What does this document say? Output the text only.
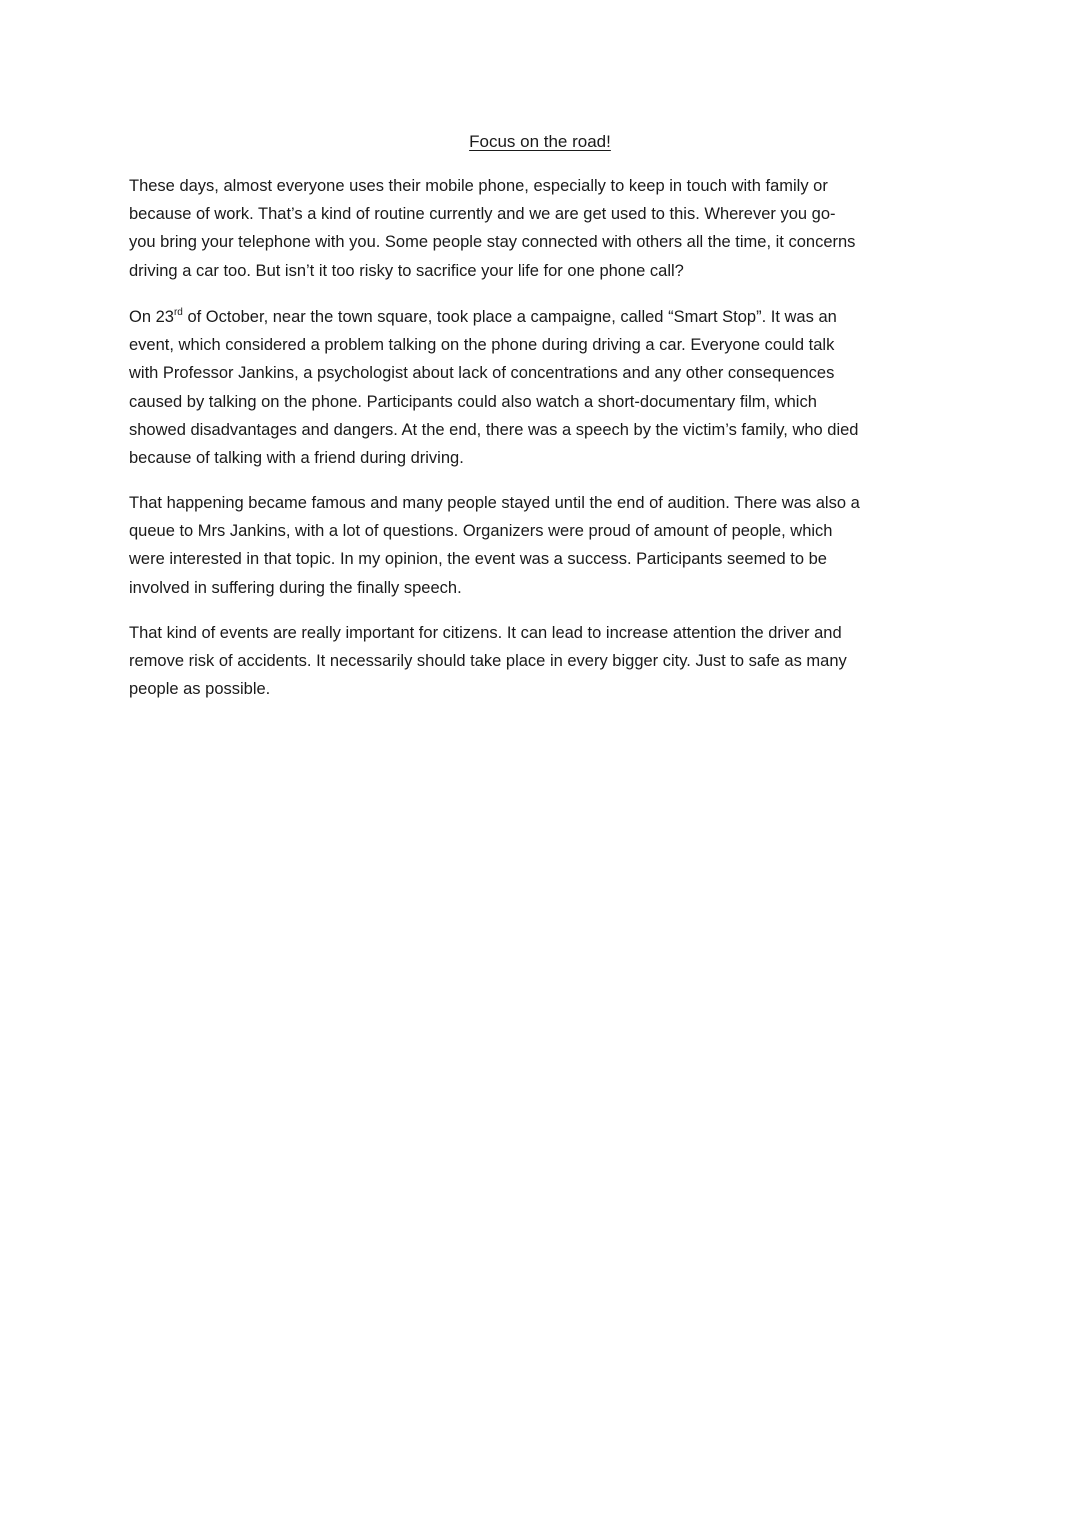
Focus on the road!

These days, almost everyone uses their mobile phone, especially to keep in touch with family or
because of work. That’s a kind of routine currently and we are get used to this. Wherever you go-
you bring your telephone with you. Some people stay connected with others all the time, it concerns
driving a car too. But isn’t it too risky to sacrifice your life for one phone call?

On 23rd of October, near the town square, took place a campaigne, called “Smart Stop”. It was an
event, which considered a problem talking on the phone during driving a car. Everyone could talk
with Professor Jankins, a psychologist about lack of concentrations and any other consequences
caused by talking on the phone. Participants could also watch a short-documentary film, which
showed disadvantages and dangers. At the end, there was a speech by the victim’s family, who died
because of talking with a friend during driving.

That happening became famous and many people stayed until the end of audition. There was also a
queue to Mrs Jankins, with a lot of questions. Organizers were proud of amount of people, which
were interested in that topic. In my opinion, the event was a success. Participants seemed to be
involved in suffering during the finally speech.

That kind of events are really important for citizens. It can lead to increase attention the driver and
remove risk of accidents. It necessarily should take place in every bigger city. Just to safe as many
people as possible.
